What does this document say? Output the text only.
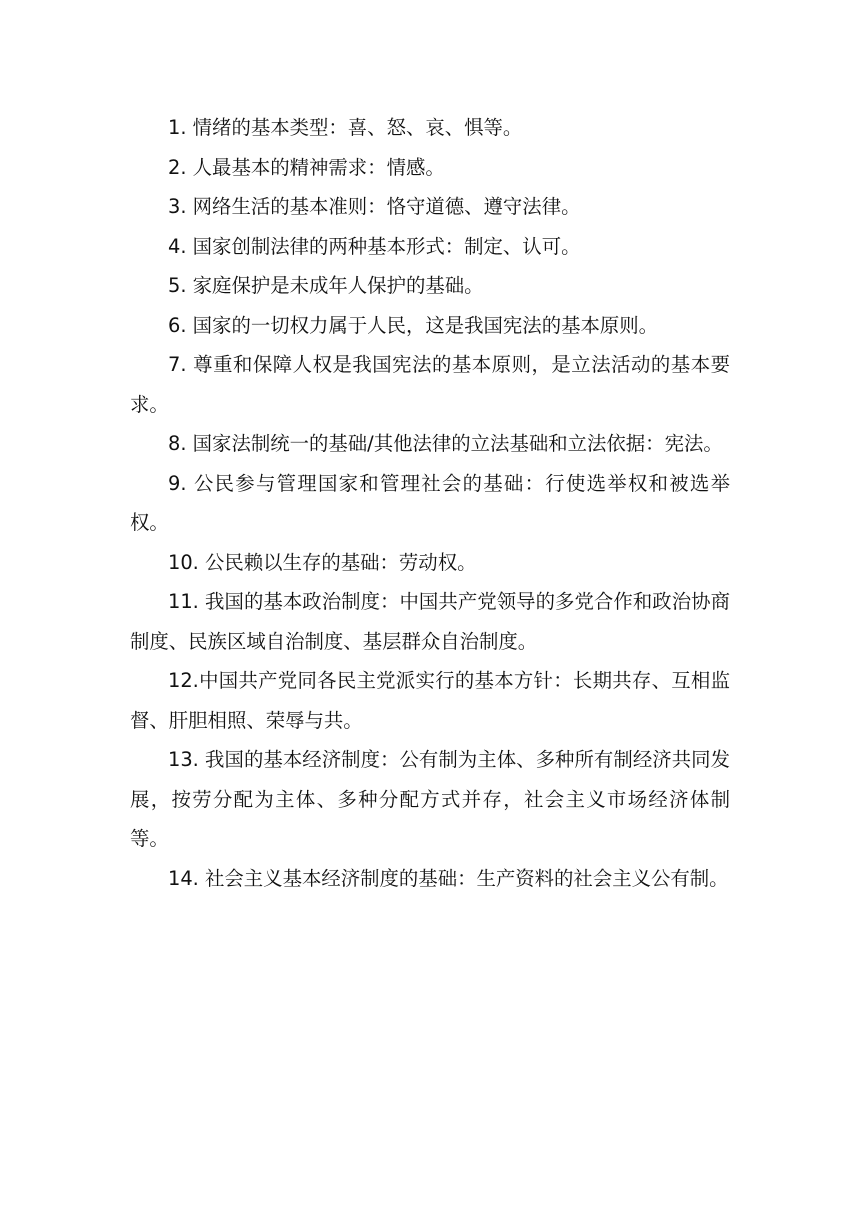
1. 情绪的基本类型：喜、怒、哀、惧等。

2. 人最基本的精神需求：情感。

3. 网络生活的基本准则：恪守道德、遵守法律。

4. 国家创制法律的两种基本形式：制定、认可。

5. 家庭保护是未成年人保护的基础。

6. 国家的一切权力属于人民，这是我国宪法的基本原则。

7. 尊重和保障人权是我国宪法的基本原则，是立法活动的基本要求。

8. 国家法制统一的基础/其他法律的立法基础和立法依据：宪法。

9. 公民参与管理国家和管理社会的基础：行使选举权和被选举权。

10. 公民赖以生存的基础：劳动权。

11. 我国的基本政治制度：中国共产党领导的多党合作和政治协商制度、民族区域自治制度、基层群众自治制度。

12.中国共产党同各民主党派实行的基本方针：长期共存、互相监督、肝胆相照、荣辱与共。

13. 我国的基本经济制度：公有制为主体、多种所有制经济共同发展，按劳分配为主体、多种分配方式并存，社会主义市场经济体制等。

14. 社会主义基本经济制度的基础：生产资料的社会主义公有制。
